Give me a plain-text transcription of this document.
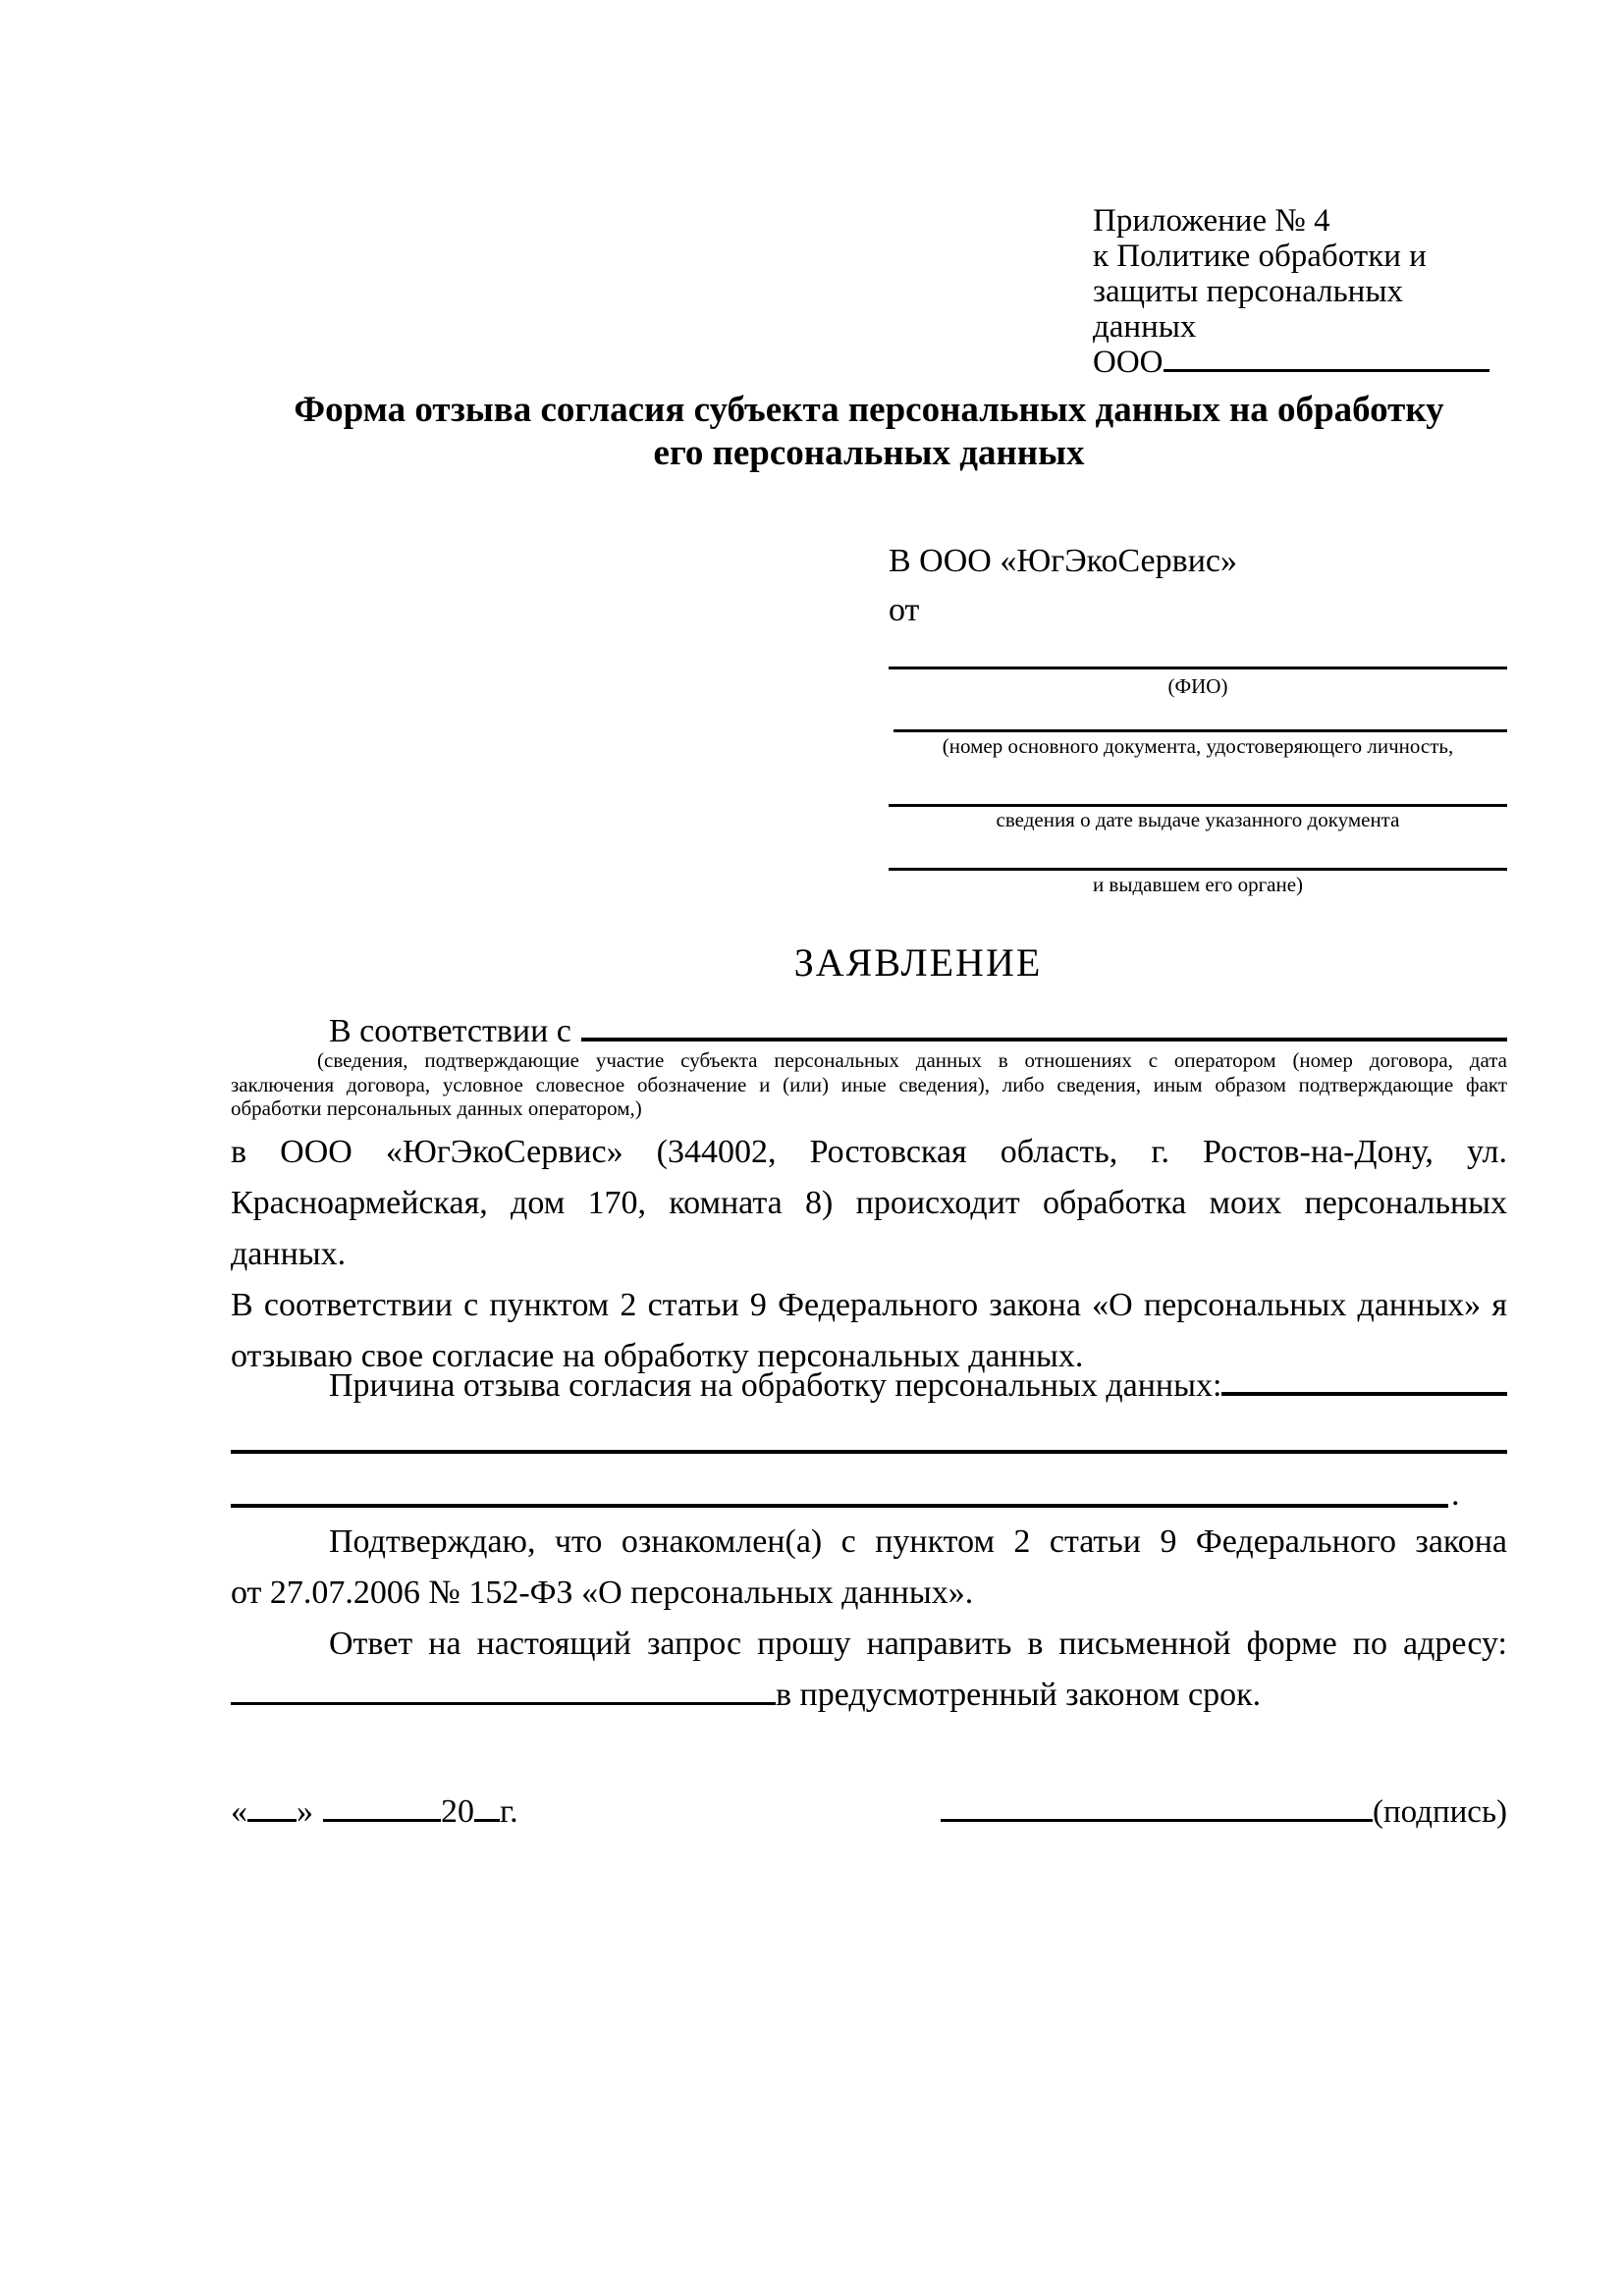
Приложение № 4
к Политике обработки и
защиты персональных данных
ООО
Форма отзыва согласия субъекта персональных данных на обработку
его персональных данных
В ООО «ЮгЭкоСервис»
от
(ФИО)
(номер основного документа, удостоверяющего личность,
сведения о дате выдаче указанного документа
и выдавшем его органе)
ЗАЯВЛЕНИЕ
В соответствии с
(сведения, подтверждающие участие субъекта персональных данных в отношениях с оператором (номер договора, дата
заключения договора, условное словесное обозначение и (или) иные сведения), либо сведения, иным образом подтверждающие факт
обработки персональных данных оператором,)
в ООО «ЮгЭкоСервис» (344002, Ростовская область, г. Ростов-на-Дону, ул.
Красноармейская, дом 170, комната 8) происходит обработка моих персональных данных.
В соответствии с пунктом 2 статьи 9 Федерального закона «О персональных данных» я
отзываю свое согласие на обработку персональных данных.
Причина отзыва согласия на обработку персональных данных:
.
Подтверждаю, что ознакомлен(а) с пунктом 2 статьи 9 Федерального закона
от 27.07.2006 № 152-ФЗ «О персональных данных».
Ответ на настоящий запрос прошу направить в письменной форме по адресу:
в предусмотренный законом срок.
« »	20 г.	(подпись)
